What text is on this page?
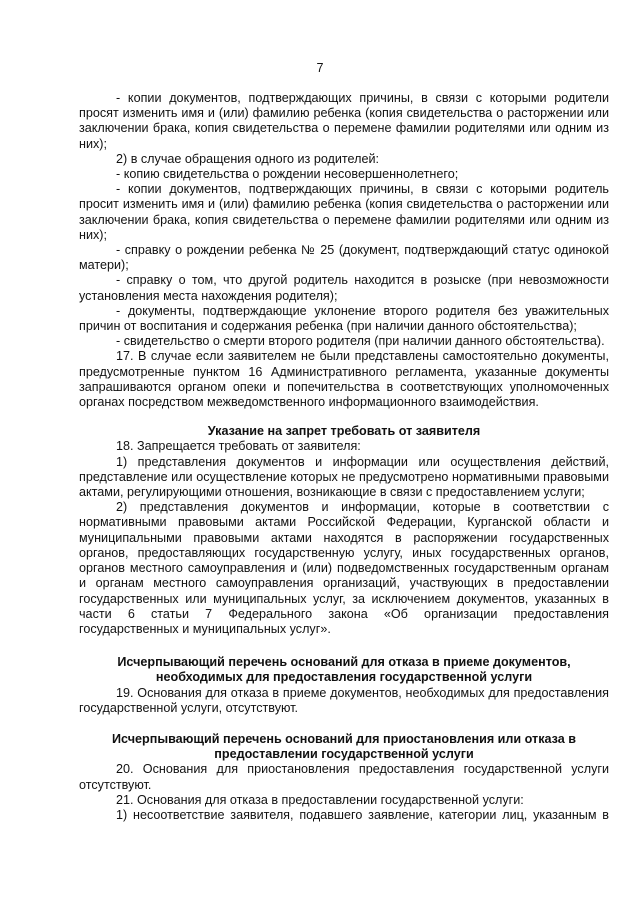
7

- копии документов, подтверждающих причины, в связи с которыми родители просят изменить имя и (или) фамилию ребенка (копия свидетельства о расторжении или заключении брака, копия свидетельства о перемене фамилии родителями или одним из них);

2) в случае обращения одного из родителей:

- копию свидетельства о рождении несовершеннолетнего;

- копии документов, подтверждающих причины, в связи с которыми родитель просит изменить имя и (или) фамилию ребенка (копия свидетельства о расторжении или заключении брака, копия свидетельства о перемене фамилии родителями или одним из них);

- справку о рождении ребенка № 25 (документ, подтверждающий статус одинокой матери);

- справку о том, что другой родитель находится в розыске (при невозможности установления места нахождения родителя);

- документы, подтверждающие уклонение второго родителя без уважительных причин от воспитания и содержания ребенка (при наличии данного обстоятельства);

- свидетельство о смерти второго родителя (при наличии данного обстоятельства).

17. В случае если заявителем не были представлены самостоятельно документы, предусмотренные пунктом 16 Административного регламента, указанные документы запрашиваются органом опеки и попечительства в соответствующих уполномоченных органах посредством межведомственного информационного взаимодействия.

Указание на запрет требовать от заявителя

18. Запрещается требовать от заявителя:

1) представления документов и информации или осуществления действий, представление или осуществление которых не предусмотрено нормативными правовыми актами, регулирующими отношения, возникающие в связи с предоставлением услуги;

2) представления документов и информации, которые в соответствии с нормативными правовыми актами Российской Федерации, Курганской области и муниципальными правовыми актами находятся в распоряжении государственных органов, предоставляющих государственную услугу, иных государственных органов, органов местного самоуправления и (или) подведомственных государственным органам и органам местного самоуправления организаций, участвующих в предоставлении государственных или муниципальных услуг, за исключением документов, указанных в части 6 статьи 7 Федерального закона «Об организации предоставления государственных и муниципальных услуг».

Исчерпывающий перечень оснований для отказа в приеме документов,
необходимых для предоставления государственной услуги

19. Основания для отказа в приеме документов, необходимых для предоставления государственной услуги, отсутствуют.

Исчерпывающий перечень оснований для приостановления или отказа в
предоставлении государственной услуги

20. Основания для приостановления предоставления государственной услуги отсутствуют.

21. Основания для отказа в предоставлении государственной услуги:

1) несоответствие заявителя, подавшего заявление, категории лиц, указанным в
